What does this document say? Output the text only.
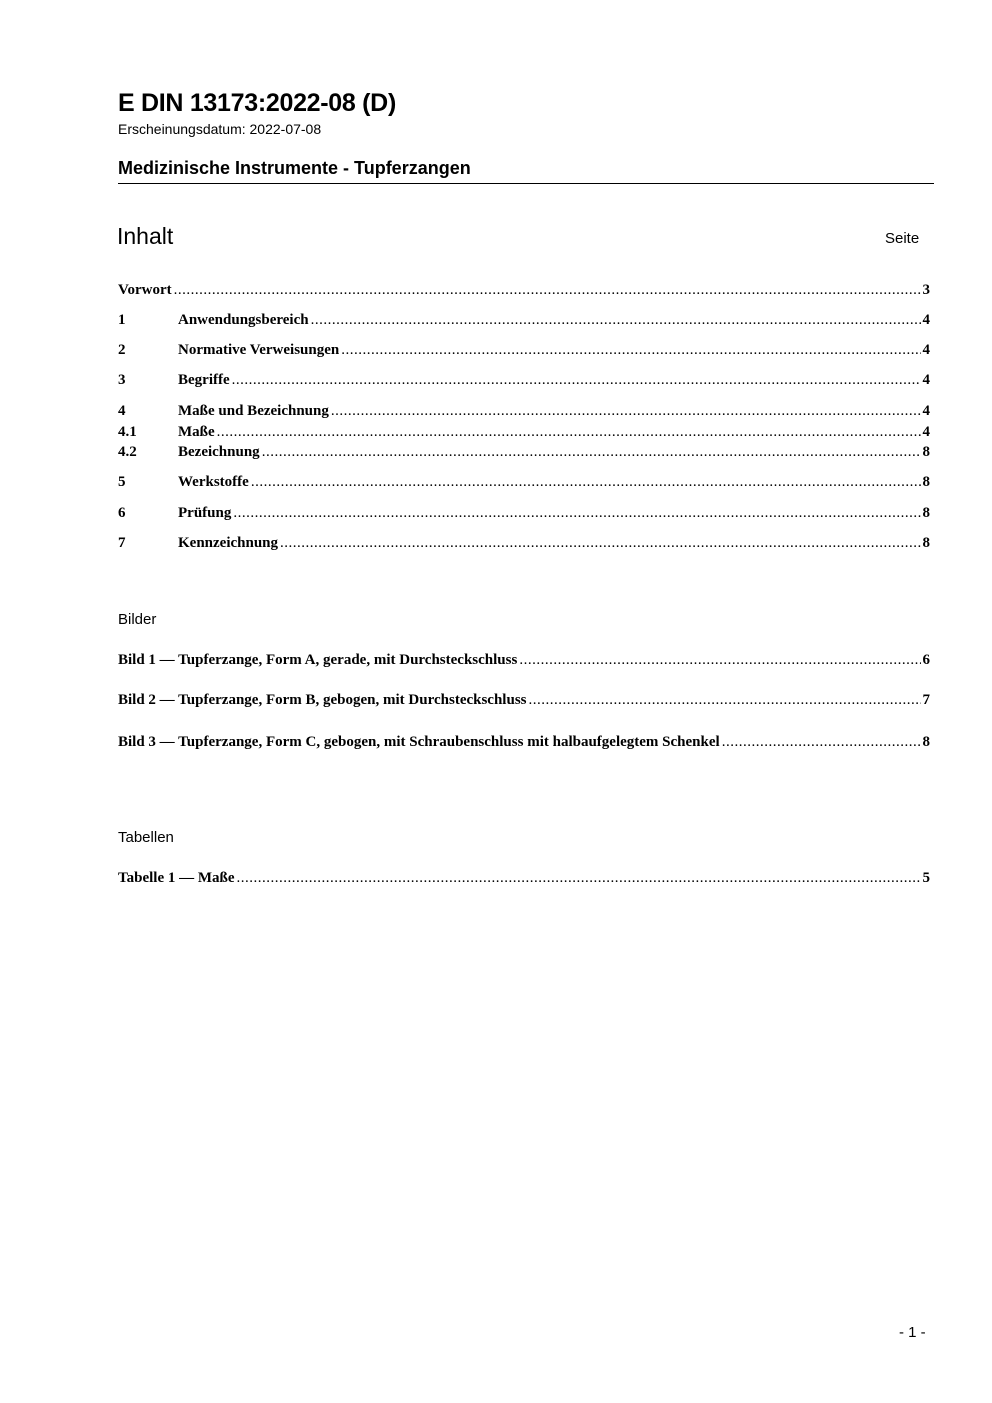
E DIN 13173:2022-08 (D)
Erscheinungsdatum: 2022-07-08
Medizinische Instrumente - Tupferzangen
Inhalt	Seite
Vorwort .....	3
1	Anwendungsbereich .....	4
2	Normative Verweisungen .....	4
3	Begriffe .....	4
4	Maße und Bezeichnung .....	4
4.1	Maße .....	4
4.2	Bezeichnung .....	8
5	Werkstoffe .....	8
6	Prüfung .....	8
7	Kennzeichnung .....	8
Bilder
Bild 1 — Tupferzange, Form A, gerade, mit Durchsteckschluss .....	6
Bild 2 — Tupferzange, Form B, gebogen, mit Durchsteckschluss .....	7
Bild 3 — Tupferzange, Form C, gebogen, mit Schraubenschluss mit halbaufgelegtem Schenkel .....	8
Tabellen
Tabelle 1 — Maße .....	5
- 1 -
